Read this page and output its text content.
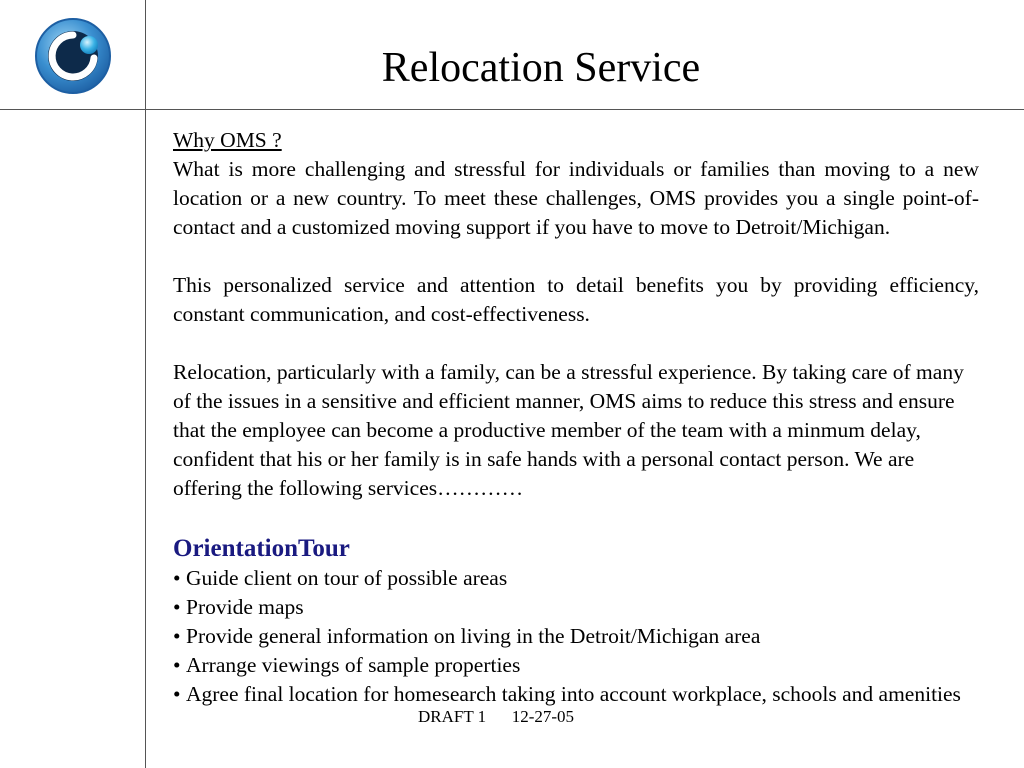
Relocation Service
Why OMS ?

What is more challenging and stressful for individuals or families than moving to a new location or a new country. To meet these challenges, OMS provides you a single point-of-contact and a customized moving support if you have to move to Detroit/Michigan.

This personalized service and attention to detail benefits you by providing efficiency, constant communication, and cost-effectiveness.

Relocation, particularly with a family, can be a stressful experience. By taking care of many of the issues in a sensitive and efficient manner, OMS aims to reduce this stress and ensure that the employee can become a productive member of the team with a minmum delay, confident that his or her family is in safe hands with a personal contact person. We are offering the following services…………

OrientationTour
• Guide client on tour of possible areas
• Provide maps
• Provide general information on living in the Detroit/Michigan area
• Arrange viewings of sample properties
• Agree final location for homesearch taking into account workplace, schools and amenities
DRAFT 1 12-27-05
